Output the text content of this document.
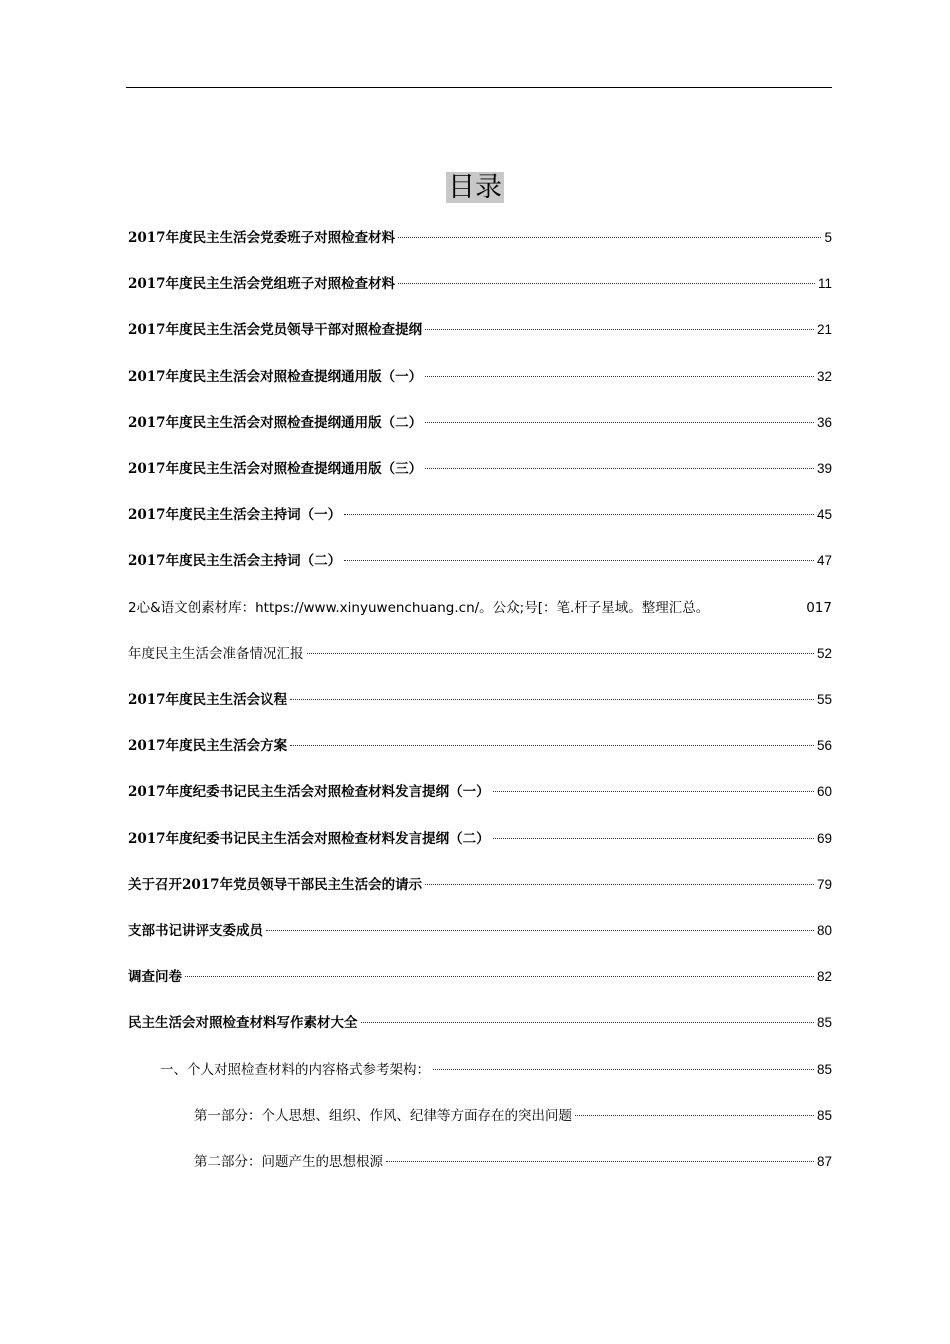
目录
2心&语文创素材库：https://www.xinyuwenchuang.cn/。公众;号[：笔.杆子星域。整理汇总。	017
2017年度民主生活会党委班子对照检查材料	5
2017年度民主生活会党组班子对照检查材料	11
2017年度民主生活会党员领导干部对照检查提纲	21
2017年度民主生活会对照检查提纲通用版（一）	32
2017年度民主生活会对照检查提纲通用版（二）	36
2017年度民主生活会对照检查提纲通用版（三）	39
2017年度民主生活会主持词（一）	45
2017年度民主生活会主持词（二）	47
年度民主生活会准备情况汇报	52
2017年度民主生活会议程	55
2017年度民主生活会方案	56
2017年度纪委书记民主生活会对照检查材料发言提纲（一）	60
2017年度纪委书记民主生活会对照检查材料发言提纲（二）	69
关于召开2017年党员领导干部民主生活会的请示	79
支部书记讲评支委成员	80
调查问卷	82
民主生活会对照检查材料写作素材大全	85
一、个人对照检查材料的内容格式参考架构：	85
第一部分：个人思想、组织、作风、纪律等方面存在的突出问题	85
第二部分：问题产生的思想根源	87
